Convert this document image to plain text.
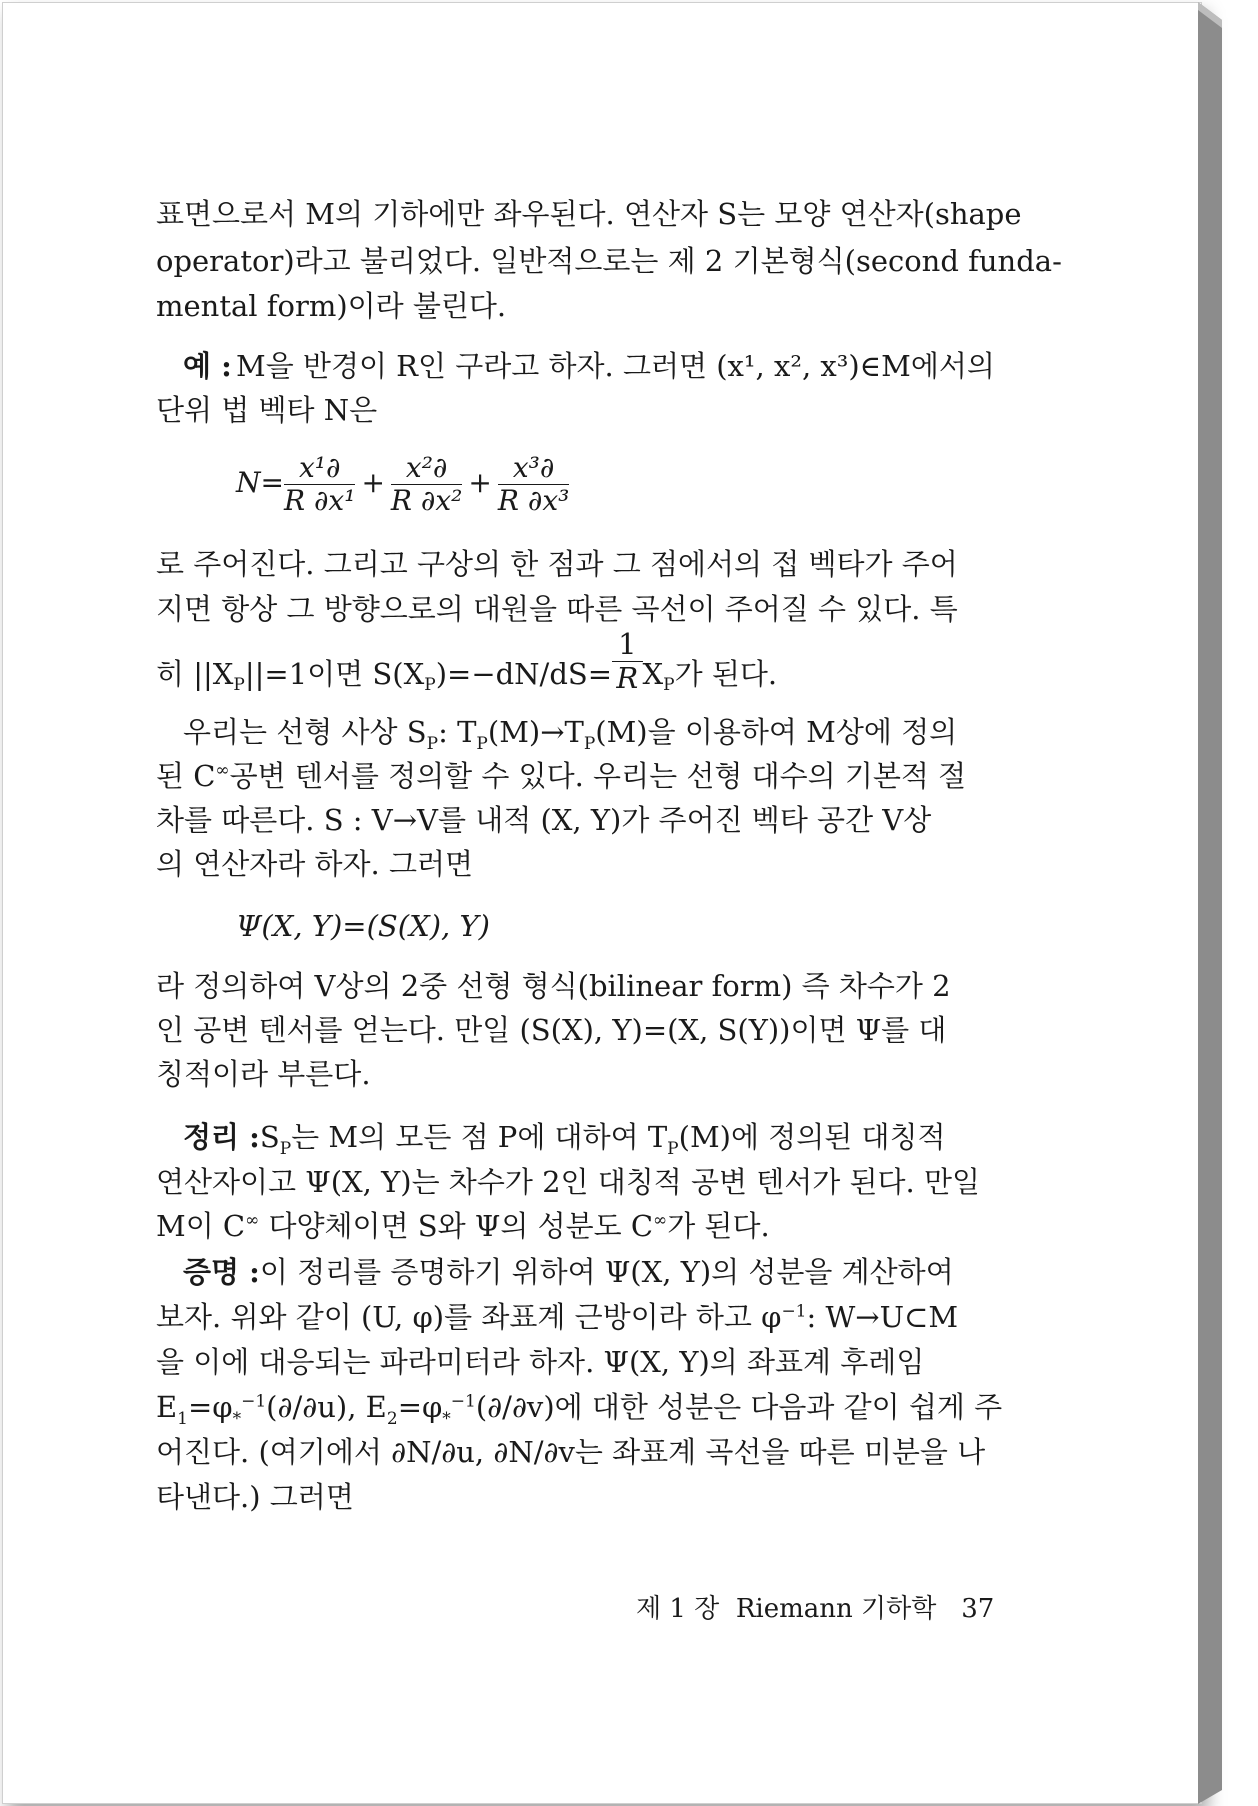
표면으로서 M의 기하에만 좌우된다. 연산자 S는 모양 연산자(shape
operator)라고 불리었다. 일반적으로는 제 2 기본형식(second funda-
mental form)이라 불린다.
예 : M을 반경이 R인 구라고 하자. 그러면 (x¹, x², x³)∈M에서의
단위 법 벡타 N은
$N= \frac{\text{x¹∂}}{\text{R ∂x¹}} + \frac{\text{x²∂}}{\text{R ∂x²}} + \frac{\text{x³∂}}{\text{R ∂x³}}$
로 주어진다. 그리고 구상의 한 점과 그 점에서의 접 벡타가 주어
지면 항상 그 방향으로의 대원을 따른 곡선이 주어질 수 있다. 특
히 $||X_P||=1$이면 $S(X_P)=-dN/dS= \frac{1}{R} X_P$가 된다.
우리는 선형 사상 $S_P$: $T_P(M)\to T_P(M)$을 이용하여 M상에 정의
된 C∞공변 텐서를 정의할 수 있다. 우리는 선형 대수의 기본적 절
차를 따른다. S : V→V를 내적 (X, Y)가 주어진 벡타 공간 V상
의 연산자라 하자. 그러면
Ψ(X, Y)=(S(X), Y)
라 정의하여 V상의 2중 선형 형식(bilinear form) 즉 차수가 2
인 공변 텐서를 얻는다. 만일 (S(X), Y)=(X, S(Y))이면 Ψ를 대
칭적이라 부른다.
정리 $:S_P$는 M의 모든 점 P에 대하여 $T_P(M)$에 정의된 대칭적
연산자이고 Ψ(X, Y)는 차수가 2인 대칭적 공변 텐서가 된다. 만일
M이 C∞ 다양체이면 S와 Ψ의 성분도 C∞가 된다.
증명 :이 정리를 증명하기 위하여 Ψ(X, Y)의 성분을 계산하여
보자. 위와 같이 (U, φ)를 좌표계 근방이라 하고 $\varphi^{-1}$: W→U⊂M
을 이에 대응되는 파라미터라 하자. Ψ(X, Y)의 좌표계 후레임
$E_1=\varphi_*^{-1}(\partial/\partial u)$, $E_2=\varphi_*^{-1}(\partial/\partial v)$에 대한 성분은 다음과 같이 쉽게 주
어진다. (여기에서 ∂N/∂u, ∂N/∂v는 좌표계 곡선을 따른 미분을 나
타낸다.) 그러면
제 1 장 Riemann 기하학 37
